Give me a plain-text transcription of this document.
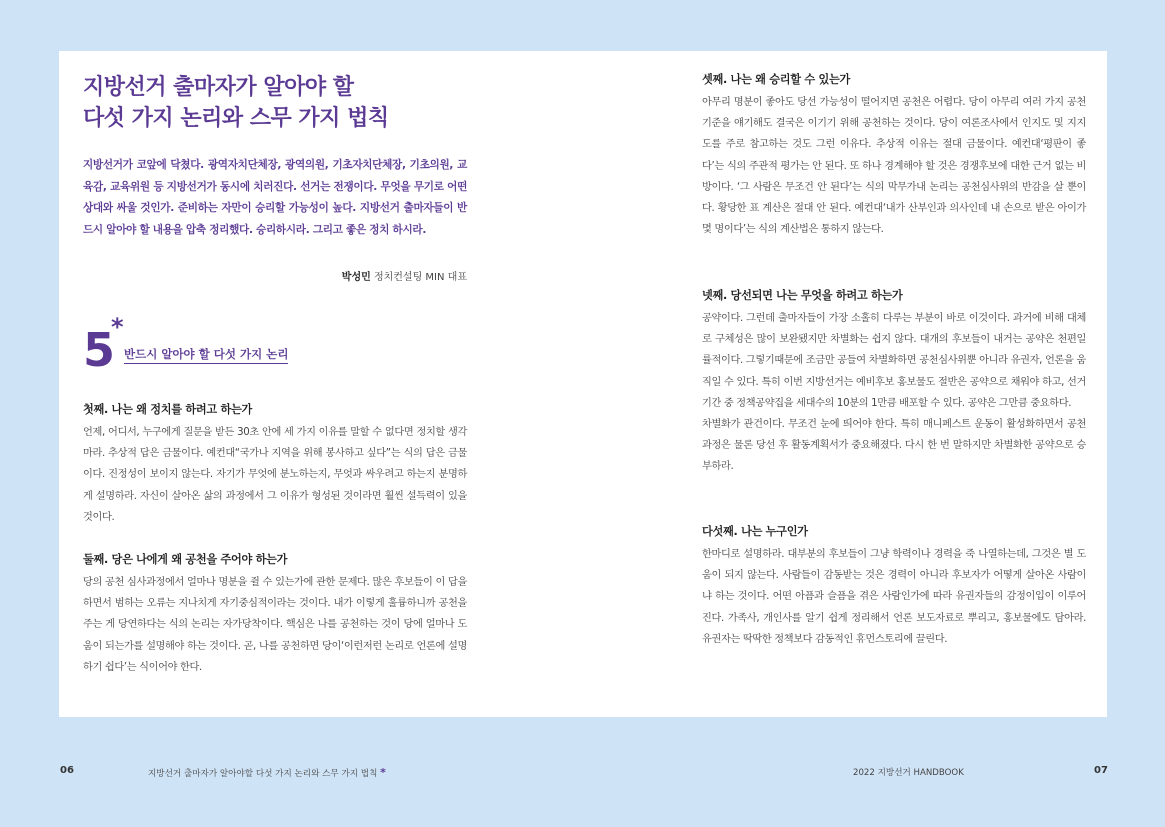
지방선거 출마자가 알아야 할
다섯 가지 논리와 스무 가지 법칙

지방선거가 코앞에 닥쳤다. 광역자치단체장, 광역의원, 기초자치단체장, 기초의원, 교육감, 교육위원 등 지방선거가 동시에 치러진다. 선거는 전쟁이다. 무엇을 무기로 어떤 상대와 싸울 것인가. 준비하는 자만이 승리할 가능성이 높다. 지방선거 출마자들이 반드시 알아야 할 내용을 압축 정리했다. 승리하시라. 그리고 좋은 정치 하시라.

박성민 정치컨설팅 MIN 대표
5
*
반드시 알아야 할 다섯 가지 논리
첫째. 나는 왜 정치를 하려고 하는가

언제, 어디서, 누구에게 질문을 받든 30초 안에 세 가지 이유를 말할 수 없다면 정치할 생각 마라. 추상적 답은 금물이다. 예컨대“국가나 지역을 위해 봉사하고 싶다”는 식의 답은 금물이다. 진정성이 보이지 않는다. 자기가 무엇에 분노하는지, 무엇과 싸우려고 하는지 분명하게 설명하라. 자신이 살아온 삶의 과정에서 그 이유가 형성된 것이라면 훨씬 설득력이 있을 것이다.

둘째. 당은 나에게 왜 공천을 주어야 하는가

당의 공천 심사과정에서 얼마나 명분을 쥘 수 있는가에 관한 문제다. 많은 후보들이 이 답을 하면서 범하는 오류는 지나치게 자기중심적이라는 것이다. 내가 이렇게 훌륭하니까 공천을 주는 게 당연하다는 식의 논리는 자가당착이다. 핵심은 나를 공천하는 것이 당에 얼마나 도움이 되는가를 설명해야 하는 것이다. 곧, 나를 공천하면 당이‘이런저런 논리로 언론에 설명하기 쉽다’는 식이어야 한다.

셋째. 나는 왜 승리할 수 있는가

아무리 명분이 좋아도 당선 가능성이 떨어지면 공천은 어렵다. 당이 아무리 여러 가지 공천 기준을 얘기해도 결국은 이기기 위해 공천하는 것이다. 당이 여론조사에서 인지도 및 지지도를 주로 참고하는 것도 그런 이유다. 추상적 이유는 절대 금물이다. 예컨대‘평판이 좋다’는 식의 주관적 평가는 안 된다. 또 하나 경계해야 할 것은 경쟁후보에 대한 근거 없는 비방이다. ‘그 사람은 무조건 안 된다’는 식의 막무가내 논리는 공천심사위의 반감을 살 뿐이다. 황당한 표 계산은 절대 안 된다. 예컨대‘내가 산부인과 의사인데 내 손으로 받은 아이가 몇 명이다’는 식의 계산법은 통하지 않는다.

넷째. 당선되면 나는 무엇을 하려고 하는가

공약이다. 그런데 출마자들이 가장 소홀히 다루는 부분이 바로 이것이다. 과거에 비해 대체로 구체성은 많이 보완됐지만 차별화는 쉽지 않다. 대개의 후보들이 내거는 공약은 천편일률적이다. 그렇기때문에 조금만 공들여 차별화하면 공천심사위뿐 아니라 유권자, 언론을 움직일 수 있다. 특히 이번 지방선거는 예비후보 홍보물도 절반은 공약으로 채워야 하고, 선거기간 중 정책공약집을 세대수의 10분의 1만큼 배포할 수 있다. 공약은 그만큼 중요하다.

차별화가 관건이다. 무조건 눈에 띄어야 한다. 특히 매니페스트 운동이 활성화하면서 공천과정은 물론 당선 후 활동계획서가 중요해졌다. 다시 한 번 말하지만 차별화한 공약으로 승부하라.

다섯째. 나는 누구인가

한마디로 설명하라. 대부분의 후보들이 그냥 학력이나 경력을 죽 나열하는데, 그것은 별 도움이 되지 않는다. 사람들이 감동받는 것은 경력이 아니라 후보자가 어떻게 살아온 사람이냐 하는 것이다. 어떤 아픔과 슬픔을 겪은 사람인가에 따라 유권자들의 감정이입이 이루어진다. 가족사, 개인사를 알기 쉽게 정리해서 언론 보도자료로 뿌리고, 홍보물에도 담아라. 유권자는 딱딱한 정책보다 감동적인 휴먼스토리에 끌린다.

06	지방선거 출마자가 알아야할 다섯 가지 논리와 스무 가지 법칙 *	2022 지방선거 HANDBOOK	07
